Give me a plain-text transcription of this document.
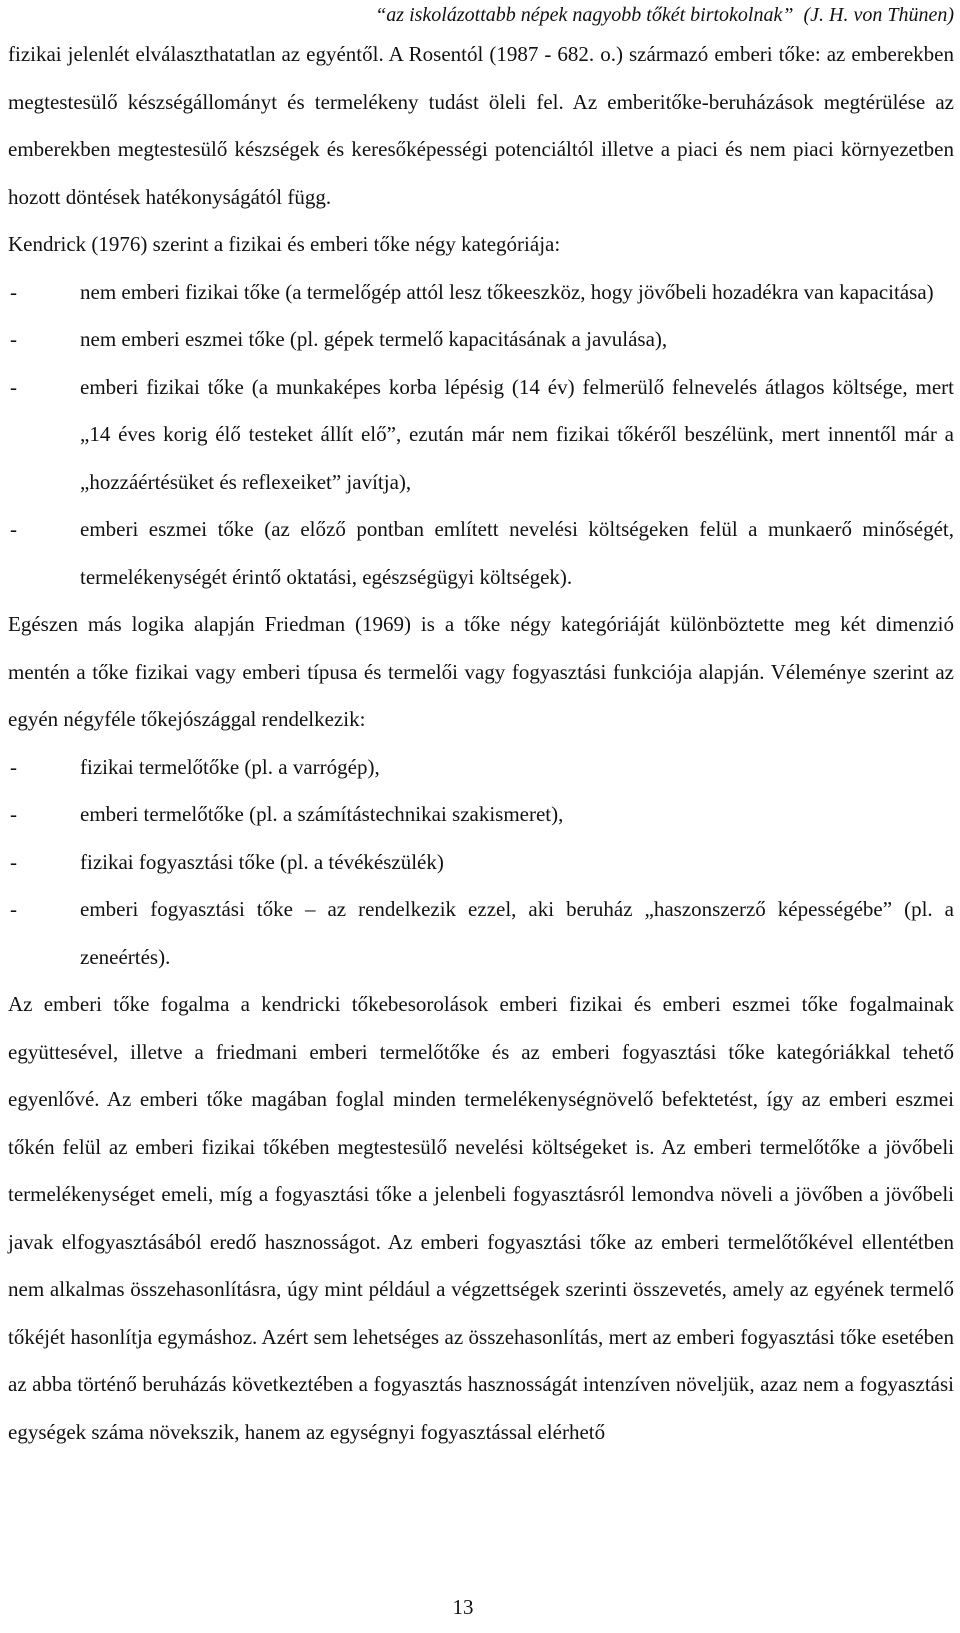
“az iskolázottabb népek nagyobb tőkét birtokolnak” (J. H. von Thünen)

fizikai jelenlét elválaszthatatlan az egyéntől. A Rosentól (1987 - 682. o.) származó emberi tőke: az emberekben megtestesülő készségállományt és termelékeny tudást öleli fel. Az emberitőke-beruházások megtérülése az emberekben megtestesülő készségek és keresőképességi potenciáltól illetve a piaci és nem piaci környezetben hozott döntések hatékonyságától függ.

Kendrick (1976) szerint a fizikai és emberi tőke négy kategóriája:

-	nem emberi fizikai tőke (a termelőgép attól lesz tőkeeszköz, hogy jövőbeli hozadékra van kapacitása)
-	nem emberi eszmei tőke (pl. gépek termelő kapacitásának a javulása),
-	emberi fizikai tőke (a munkaképes korba lépésig (14 év) felmerülő felnevelés átlagos költsége, mert „14 éves korig élő testeket állít elő”, ezután már nem fizikai tőkéről beszélünk, mert innentől már a „hozzáértésüket és reflexeiket” javítja),
-	emberi eszmei tőke (az előző pontban említett nevelési költségeken felül a munkaerő minőségét, termelékenységét érintő oktatási, egészségügyi költségek).

Egészen más logika alapján Friedman (1969) is a tőke négy kategóriáját különböztette meg két dimenzió mentén a tőke fizikai vagy emberi típusa és termelői vagy fogyasztási funkciója alapján. Véleménye szerint az egyén négyféle tőkejószággal rendelkezik:

-	fizikai termelőtőke (pl. a varrógép),
-	emberi termelőtőke (pl. a számítástechnikai szakismeret),
-	fizikai fogyasztási tőke (pl. a tévékészülék)
-	emberi fogyasztási tőke – az rendelkezik ezzel, aki beruház „haszonszerző képességébe” (pl. a zeneértés).

Az emberi tőke fogalma a kendricki tőkebesorolások emberi fizikai és emberi eszmei tőke fogalmainak együttesével, illetve a friedmani emberi termelőtőke és az emberi fogyasztási tőke kategóriákkal tehető egyenlővé. Az emberi tőke magában foglal minden termelékenységnövelő befektetést, így az emberi eszmei tőkén felül az emberi fizikai tőkében megtestesülő nevelési költségeket is. Az emberi termelőtőke a jövőbeli termelékenységet emeli, míg a fogyasztási tőke a jelenbeli fogyasztásról lemondva növeli a jövőben a jövőbeli javak elfogyasztásából eredő hasznosságot. Az emberi fogyasztási tőke az emberi termelőtőkével ellentétben nem alkalmas összehasonlításra, úgy mint például a végzettségek szerinti összevetés, amely az egyének termelő tőkéjét hasonlítja egymáshoz. Azért sem lehetséges az összehasonlítás, mert az emberi fogyasztási tőke esetében az abba történő beruházás következtében a fogyasztás hasznosságát intenzíven növeljük, azaz nem a fogyasztási egységek száma növekszik, hanem az egységnyi fogyasztással elérhető

13
